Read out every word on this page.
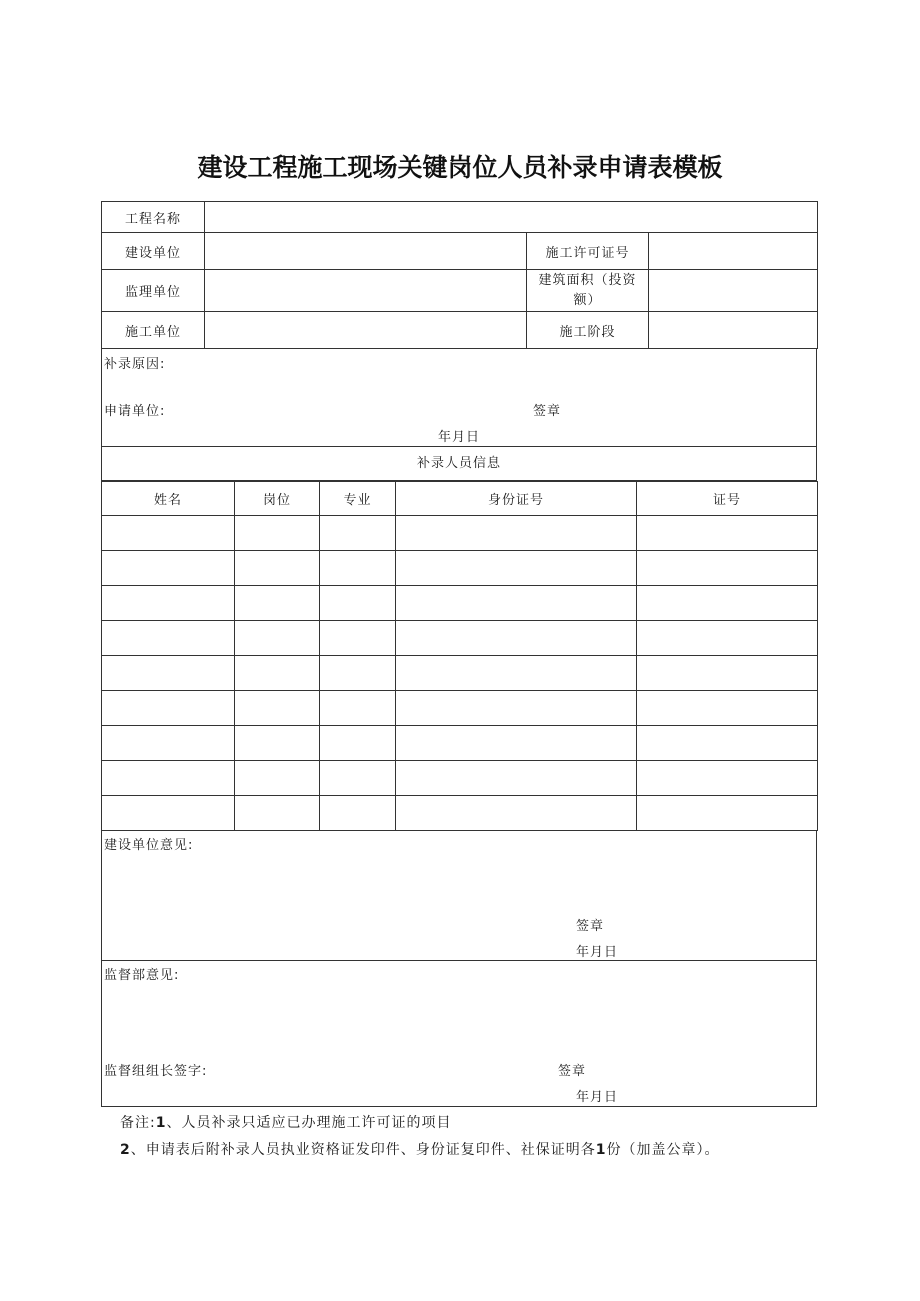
建设工程施工现场关键岗位人员补录申请表模板
工程名称			
建设单位		施工许可证号	
监理单位		建筑面积（投资额）	
施工单位		施工阶段	
补录原因:
申请单位:	签章
年月日
补录人员信息
姓名	岗位	专业	身份证号	证号

建设单位意见:
签章
年月日
监督部意见:
监督组组长签字:	签章
年月日
备注:1、人员补录只适应已办理施工许可证的项目
2、申请表后附补录人员执业资格证发印件、身份证复印件、社保证明各1份（加盖公章）。
